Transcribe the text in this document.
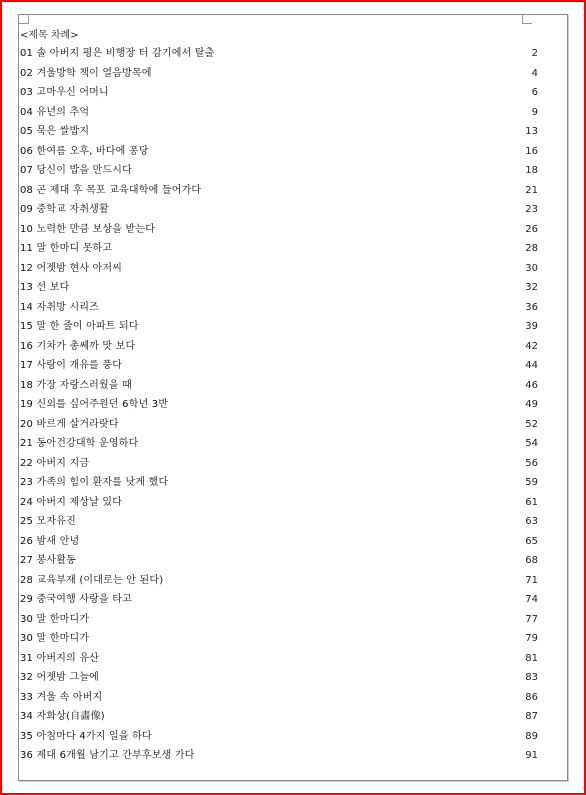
<제목 차례>
01 솔 아버지 평은 비행장 터 감기에서 탈출	2
02 겨울방학 책이 얼음방목에	4
03 고마우신 어머니	6
04 유년의 추억	9
05 묵은 쌀밥지	13
06 한여름 오후, 바다에 퐁당	16
07 당신이 밥을 만드시다	18
08 곤 제대 후 목포 교육대학에 들어가다	21
09 중학교 자취생활	23
10 노력한 만큼 보상을 받는다	26
11 말 한마디 못하고	28
12 어젯밤 현사 아저씨	30
13 선 보다	32
14 자취방 시리즈	36
15 말 한 줄이 아파트 되다	39
16 기차가 총쎄까 맛 보다	42
17 사랑이 개유를 풍다	44
18 가장 자랑스러웠을 때	46
19 신외를 싶어주원던 6학년 3반	49
20 바르게 살거라랏다	52
21 동아건강대학 운영하다	54
22 아버지 지금	56
23 가족의 힘이 환자를 낫게 했다	59
24 아버지 제상날 있다	61
25 모자유진	63
26 밤새 안녕	65
27 봉사활동	68
28 교육부재 (이대로는 안 된다)	71
29 중국여행 사랑을 타고	74
30 말 한마디가	77
30 말 한마디가	79
31 아버지의 유산	81
32 어젯밤 그늘에	83
33 겨울 속 아버지	86
34 자화상(自畵像)	87
35 아침마다 4가지 일을 하다	89
36 제대 6개월 남기고 간부후보생 가다	91
